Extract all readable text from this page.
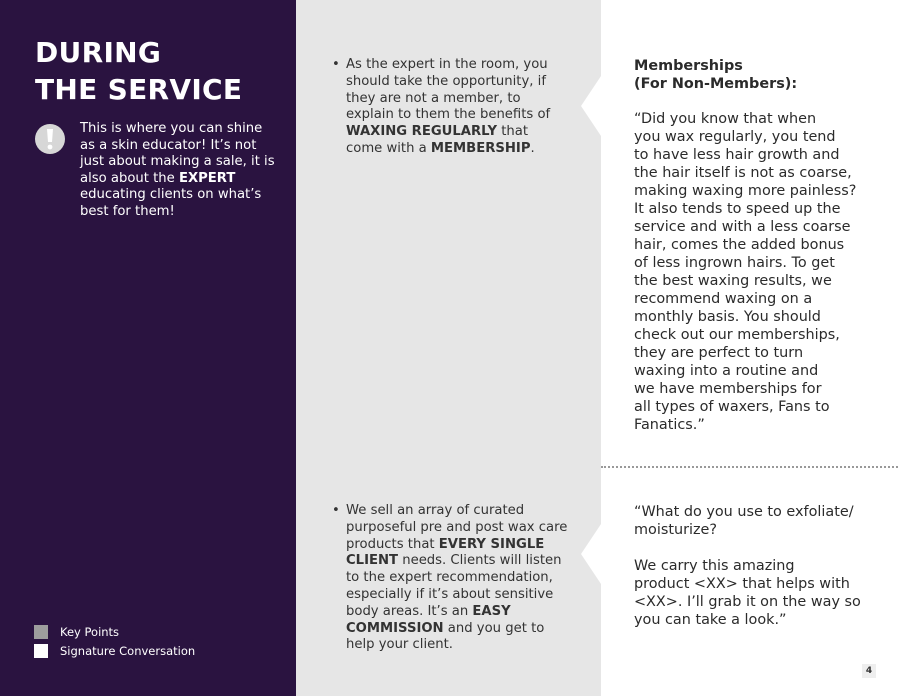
DURING
THE SERVICE
This is where you can shine as a skin educator! It’s not just about making a sale, it is also about the EXPERT educating clients on what’s best for them!
Key Points
Signature Conversation
• As the expert in the room, you should take the opportunity, if they are not a member, to explain to them the benefits of WAXING REGULARLY that come with a MEMBERSHIP.
• We sell an array of curated purposeful pre and post wax care products that EVERY SINGLE CLIENT needs. Clients will listen to the expert recommendation, especially if it’s about sensitive body areas. It’s an EASY COMMISSION and you get to help your client.
Memberships
(For Non-Members):
“Did you know that when
you wax regularly, you tend
to have less hair growth and
the hair itself is not as coarse,
making waxing more painless?
It also tends to speed up the
service and with a less coarse
hair, comes the added bonus
of less ingrown hairs. To get
the best waxing results, we
recommend waxing on a
monthly basis. You should
check out our memberships,
they are perfect to turn
waxing into a routine and
we have memberships for
all types of waxers, Fans to
Fanatics.”
“What do you use to exfoliate/
moisturize?
We carry this amazing
product <XX> that helps with
<XX>. I’ll grab it on the way so
you can take a look.”
4
